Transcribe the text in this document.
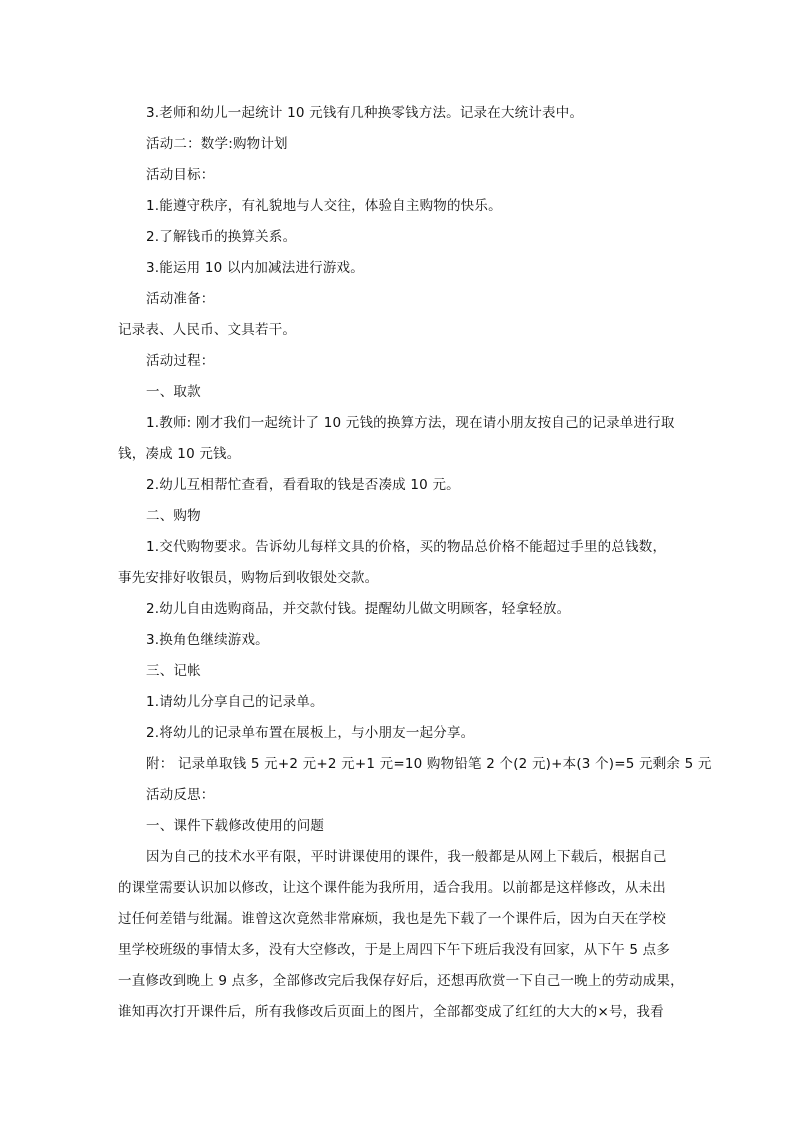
3.老师和幼儿一起统计 10 元钱有几种换零钱方法。记录在大统计表中。
活动二：数学:购物计划
活动目标：
1.能遵守秩序，有礼貌地与人交往，体验自主购物的快乐。
2.了解钱币的换算关系。
3.能运用 10 以内加减法进行游戏。
活动准备：
记录表、人民币、文具若干。
活动过程：
一、取款
1.教师: 刚才我们一起统计了 10 元钱的换算方法，现在请小朋友按自己的记录单进行取
钱，凑成 10 元钱。
2.幼儿互相帮忙查看，看看取的钱是否凑成 10 元。
二、购物
1.交代购物要求。告诉幼儿每样文具的价格，买的物品总价格不能超过手里的总钱数，
事先安排好收银员，购物后到收银处交款。
2.幼儿自由选购商品，并交款付钱。提醒幼儿做文明顾客，轻拿轻放。
3.换角色继续游戏。
三、记帐
1.请幼儿分享自己的记录单。
2.将幼儿的记录单布置在展板上，与小朋友一起分享。
附： 记录单取钱 5 元+2 元+2 元+1 元=10 购物铅笔 2 个(2 元)+本(3 个)=5 元剩余 5 元
活动反思：
一、课件下载修改使用的问题
因为自己的技术水平有限，平时讲课使用的课件，我一般都是从网上下载后，根据自己
的课堂需要认识加以修改，让这个课件能为我所用，适合我用。以前都是这样修改，从未出
过任何差错与纰漏。谁曾这次竟然非常麻烦，我也是先下载了一个课件后，因为白天在学校
里学校班级的事情太多，没有大空修改，于是上周四下午下班后我没有回家，从下午 5 点多
一直修改到晚上 9 点多，全部修改完后我保存好后，还想再欣赏一下自己一晚上的劳动成果，
谁知再次打开课件后，所有我修改后页面上的图片，全部都变成了红红的大大的×号，我看
